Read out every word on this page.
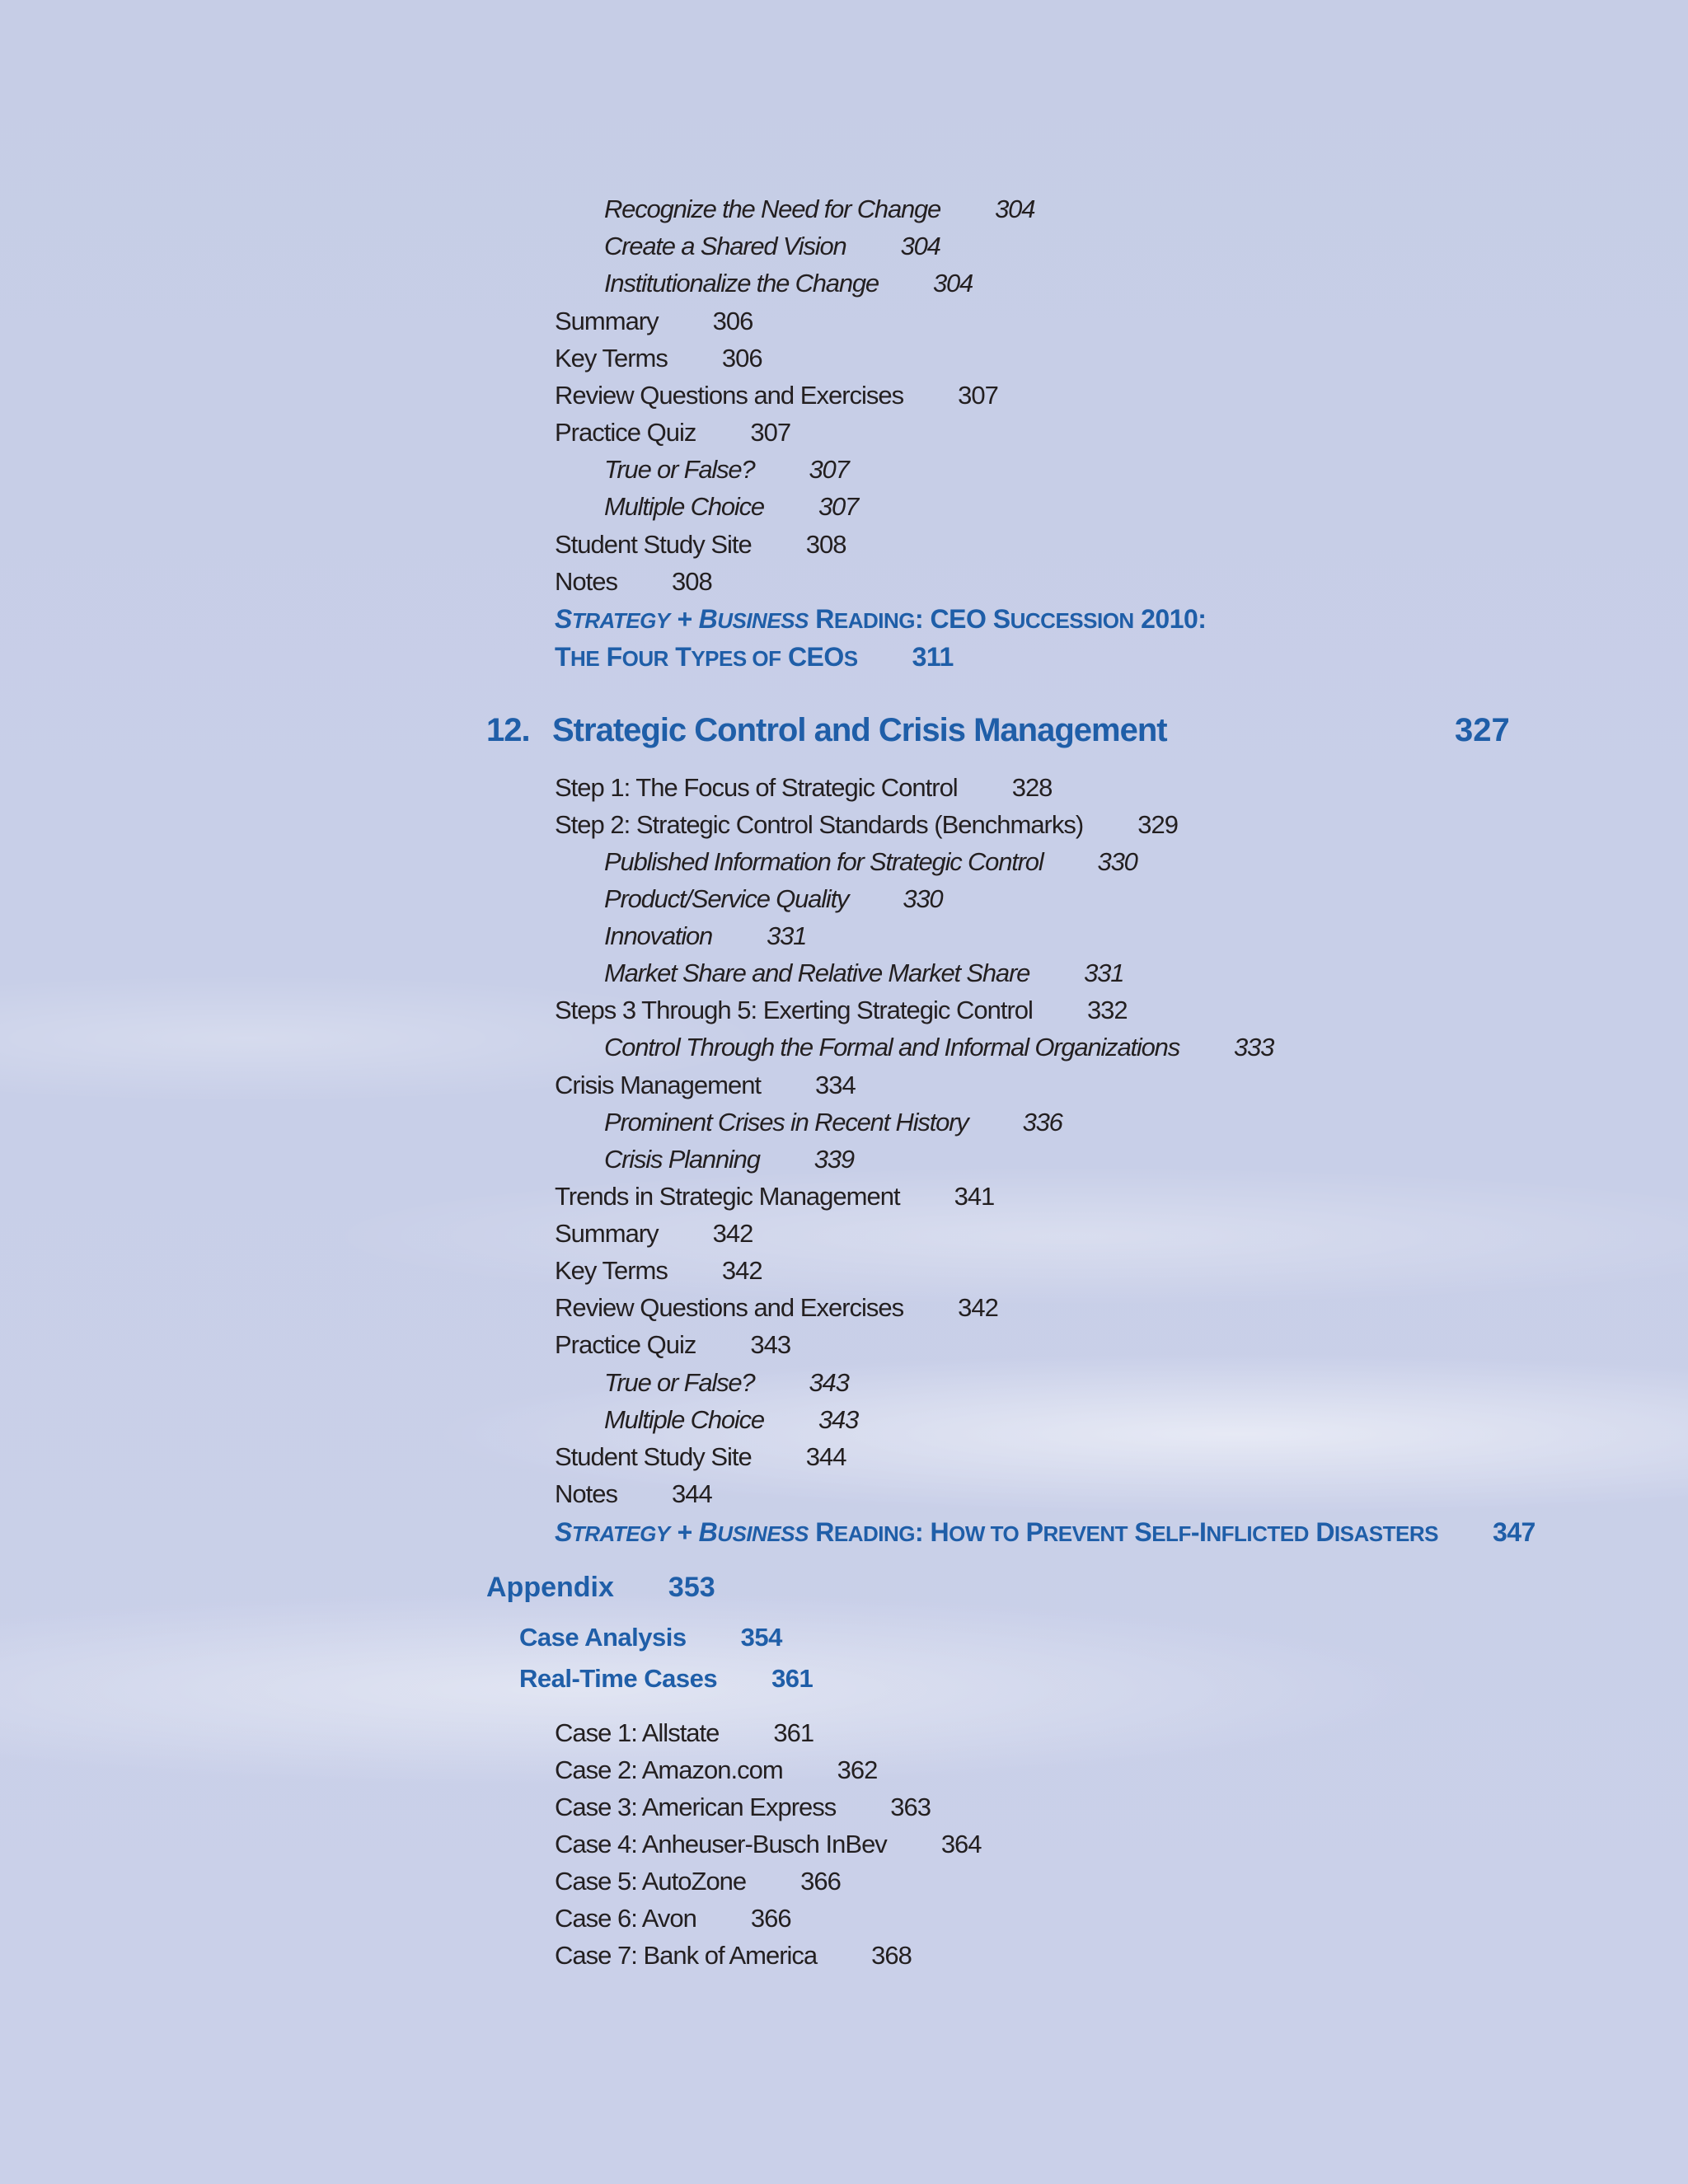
Recognize the Need for Change 304
Create a Shared Vision 304
Institutionalize the Change 304
Summary 306
Key Terms 306
Review Questions and Exercises 307
Practice Quiz 307
True or False? 307
Multiple Choice 307
Student Study Site 308
Notes 308
STRATEGY + BUSINESS READING: CEO SUCCESSION 2010:
THE FOUR TYPES OF CEOS 311
12. Strategic Control and Crisis Management	327
Step 1: The Focus of Strategic Control 328
Step 2: Strategic Control Standards (Benchmarks) 329
Published Information for Strategic Control 330
Product/Service Quality 330
Innovation 331
Market Share and Relative Market Share 331
Steps 3 Through 5: Exerting Strategic Control 332
Control Through the Formal and Informal Organizations 333
Crisis Management 334
Prominent Crises in Recent History 336
Crisis Planning 339
Trends in Strategic Management 341
Summary 342
Key Terms 342
Review Questions and Exercises 342
Practice Quiz 343
True or False? 343
Multiple Choice 343
Student Study Site 344
Notes 344
STRATEGY + BUSINESS READING: HOW TO PREVENT SELF-INFLICTED DISASTERS 347
Appendix 353
Case Analysis 354
Real-Time Cases 361
Case 1: Allstate 361
Case 2: Amazon.com 362
Case 3: American Express 363
Case 4: Anheuser-Busch InBev 364
Case 5: AutoZone 366
Case 6: Avon 366
Case 7: Bank of America 368
